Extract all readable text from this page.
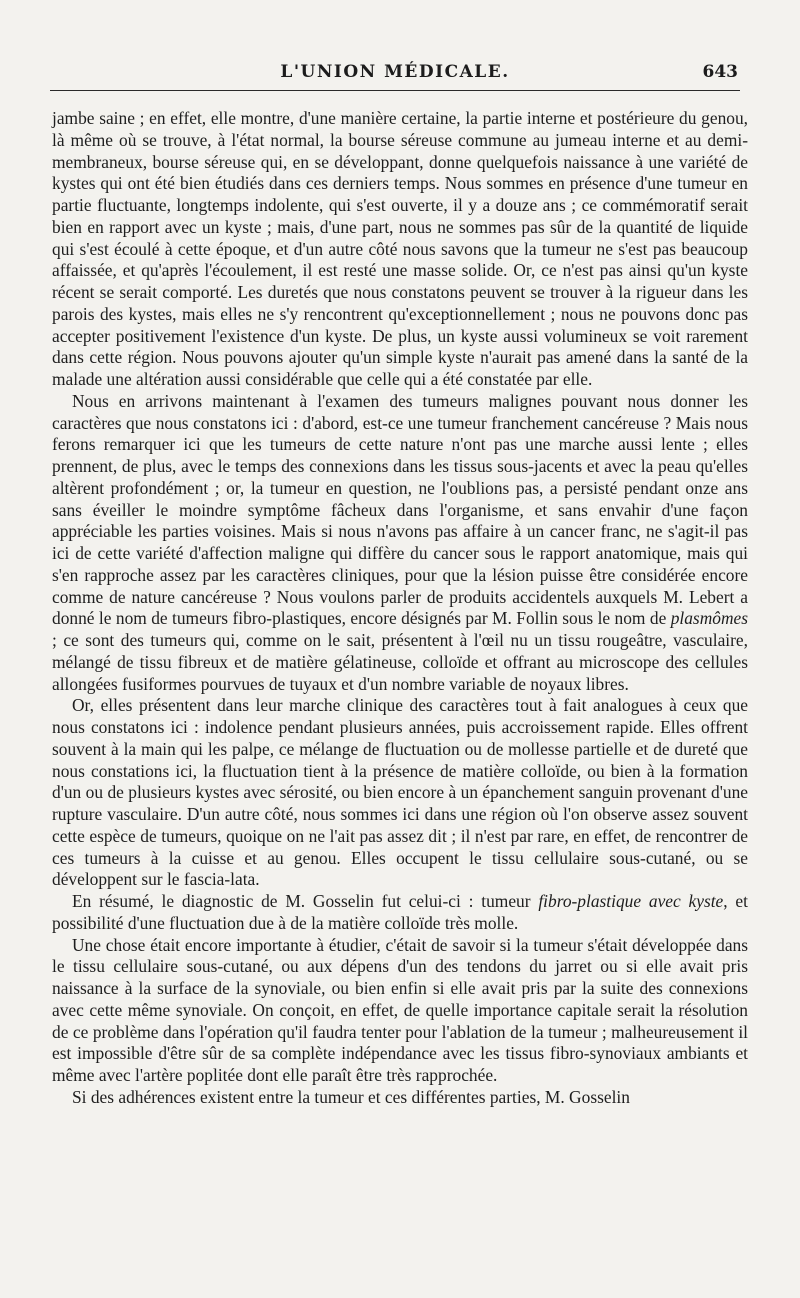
L'UNION MÉDICALE.	643

jambe saine ; en effet, elle montre, d'une manière certaine, la partie interne et postérieure du genou, là même où se trouve, à l'état normal, la bourse séreuse commune au jumeau interne et au demi-membraneux, bourse séreuse qui, en se développant, donne quelquefois naissance à une variété de kystes qui ont été bien étudiés dans ces derniers temps. Nous sommes en présence d'une tumeur en partie fluctuante, longtemps indolente, qui s'est ouverte, il y a douze ans ; ce commémoratif serait bien en rapport avec un kyste ; mais, d'une part, nous ne sommes pas sûr de la quantité de liquide qui s'est écoulé à cette époque, et d'un autre côté nous savons que la tumeur ne s'est pas beaucoup affaissée, et qu'après l'écoulement, il est resté une masse solide. Or, ce n'est pas ainsi qu'un kyste récent se serait comporté. Les duretés que nous constatons peuvent se trouver à la rigueur dans les parois des kystes, mais elles ne s'y rencontrent qu'exceptionnellement ; nous ne pouvons donc pas accepter positivement l'existence d'un kyste. De plus, un kyste aussi volumineux se voit rarement dans cette région. Nous pouvons ajouter qu'un simple kyste n'aurait pas amené dans la santé de la malade une altération aussi considérable que celle qui a été constatée par elle.

Nous en arrivons maintenant à l'examen des tumeurs malignes pouvant nous donner les caractères que nous constatons ici : d'abord, est-ce une tumeur franchement cancéreuse ? Mais nous ferons remarquer ici que les tumeurs de cette nature n'ont pas une marche aussi lente ; elles prennent, de plus, avec le temps des connexions dans les tissus sous-jacents et avec la peau qu'elles altèrent profondément ; or, la tumeur en question, ne l'oublions pas, a persisté pendant onze ans sans éveiller le moindre symptôme fâcheux dans l'organisme, et sans envahir d'une façon appréciable les parties voisines. Mais si nous n'avons pas affaire à un cancer franc, ne s'agit-il pas ici de cette variété d'affection maligne qui diffère du cancer sous le rapport anatomique, mais qui s'en rapproche assez par les caractères cliniques, pour que la lésion puisse être considérée encore comme de nature cancéreuse ? Nous voulons parler de produits accidentels auxquels M. Lebert a donné le nom de tumeurs fibro-plastiques, encore désignés par M. Follin sous le nom de plasmômes ; ce sont des tumeurs qui, comme on le sait, présentent à l'œil nu un tissu rougeâtre, vasculaire, mélangé de tissu fibreux et de matière gélatineuse, colloïde et offrant au microscope des cellules allongées fusiformes pourvues de tuyaux et d'un nombre variable de noyaux libres.

Or, elles présentent dans leur marche clinique des caractères tout à fait analogues à ceux que nous constatons ici : indolence pendant plusieurs années, puis accroissement rapide. Elles offrent souvent à la main qui les palpe, ce mélange de fluctuation ou de mollesse partielle et de dureté que nous constations ici, la fluctuation tient à la présence de matière colloïde, ou bien à la formation d'un ou de plusieurs kystes avec sérosité, ou bien encore à un épanchement sanguin provenant d'une rupture vasculaire. D'un autre côté, nous sommes ici dans une région où l'on observe assez souvent cette espèce de tumeurs, quoique on ne l'ait pas assez dit ; il n'est par rare, en effet, de rencontrer de ces tumeurs à la cuisse et au genou. Elles occupent le tissu cellulaire sous-cutané, ou se développent sur le fascia-lata.

En résumé, le diagnostic de M. Gosselin fut celui-ci : tumeur fibro-plastique avec kyste, et possibilité d'une fluctuation due à de la matière colloïde très molle.

Une chose était encore importante à étudier, c'était de savoir si la tumeur s'était développée dans le tissu cellulaire sous-cutané, ou aux dépens d'un des tendons du jarret ou si elle avait pris naissance à la surface de la synoviale, ou bien enfin si elle avait pris par la suite des connexions avec cette même synoviale. On conçoit, en effet, de quelle importance capitale serait la résolution de ce problème dans l'opération qu'il faudra tenter pour l'ablation de la tumeur ; malheureusement il est impossible d'être sûr de sa complète indépendance avec les tissus fibro-synoviaux ambiants et même avec l'artère poplitée dont elle paraît être très rapprochée.

Si des adhérences existent entre la tumeur et ces différentes parties, M. Gosselin
